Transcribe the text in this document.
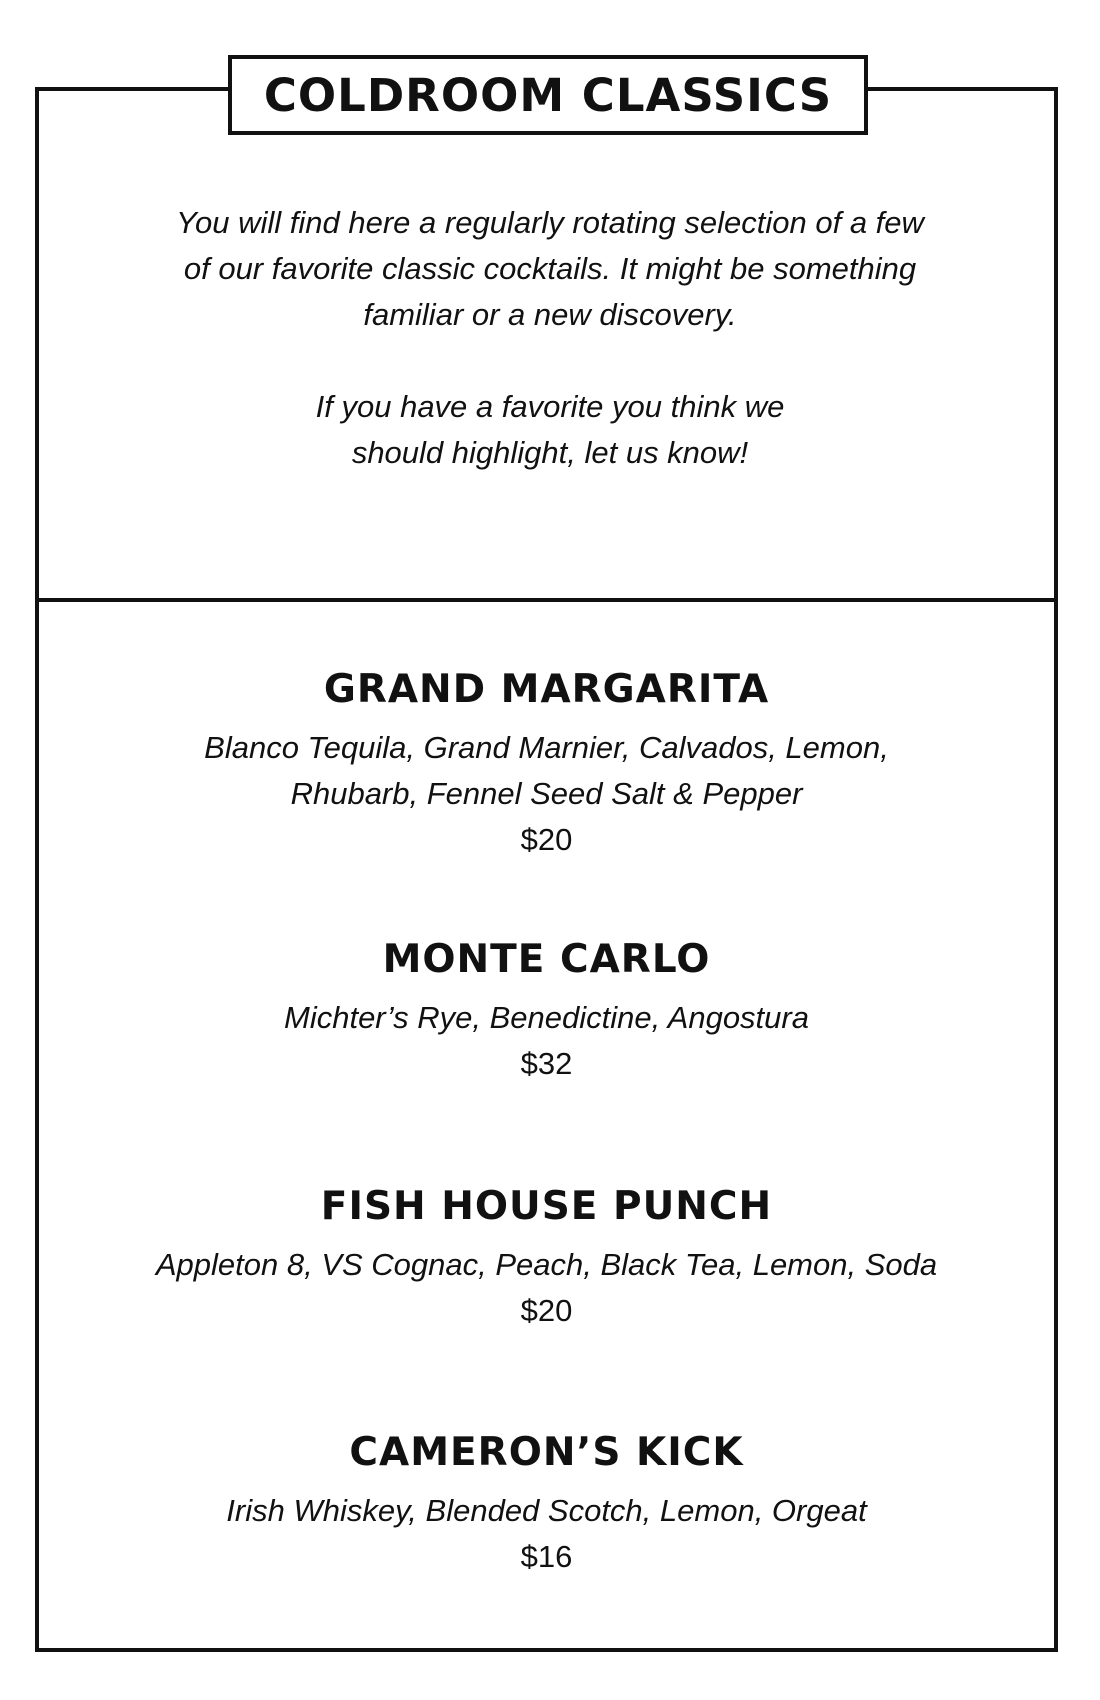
COLDROOM CLASSICS

You will find here a regularly rotating selection of a few of our favorite classic cocktails. It might be something familiar or a new discovery.

If you have a favorite you think we should highlight, let us know!

GRAND MARGARITA
Blanco Tequila, Grand Marnier, Calvados, Lemon, Rhubarb, Fennel Seed Salt & Pepper
$20
MONTE CARLO
Michter’s Rye, Benedictine, Angostura
$32
FISH HOUSE PUNCH
Appleton 8, VS Cognac, Peach, Black Tea, Lemon, Soda
$20
CAMERON’S KICK
Irish Whiskey, Blended Scotch, Lemon, Orgeat
$16
